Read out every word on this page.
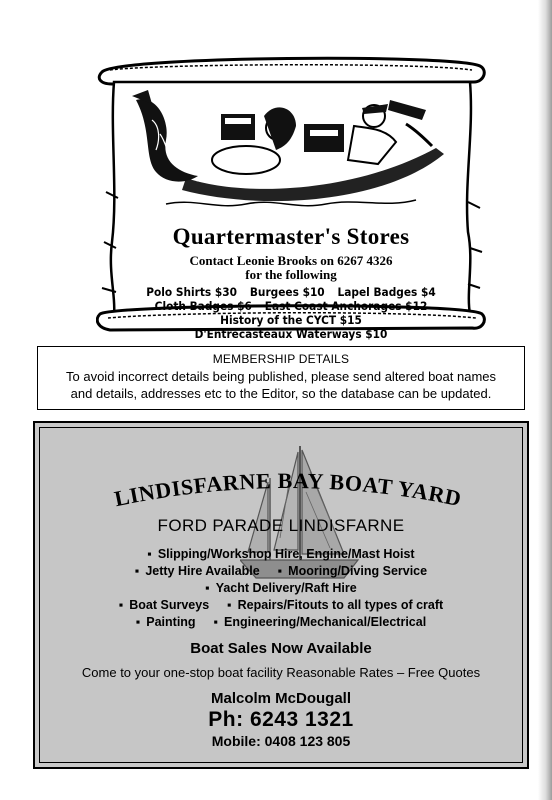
Quartermaster's Stores
Contact Leonie Brooks on 6267 4326
for the following
Polo Shirts $30 Burgees $10 Lapel Badges $4
Cloth Badges $6 East Coast Anchorages $12
History of the CYCT $15
D'Entrecasteaux Waterways $10
MEMBERSHIP DETAILS
To avoid incorrect details being published, please send altered boat names
and details, addresses etc to the Editor, so the database can be updated.
LINDISFARNE BAY BOAT YARD
FORD PARADE LINDISFARNE
▪ Slipping/Workshop Hire, Engine/Mast Hoist
▪ Jetty Hire Available ▪ Mooring/Diving Service
▪ Yacht Delivery/Raft Hire
▪ Boat Surveys ▪ Repairs/Fitouts to all types of craft
▪ Painting ▪ Engineering/Mechanical/Electrical
Boat Sales Now Available
Come to your one-stop boat facility Reasonable Rates – Free Quotes
Malcolm McDougall
Ph: 6243 1321
Mobile: 0408 123 805
